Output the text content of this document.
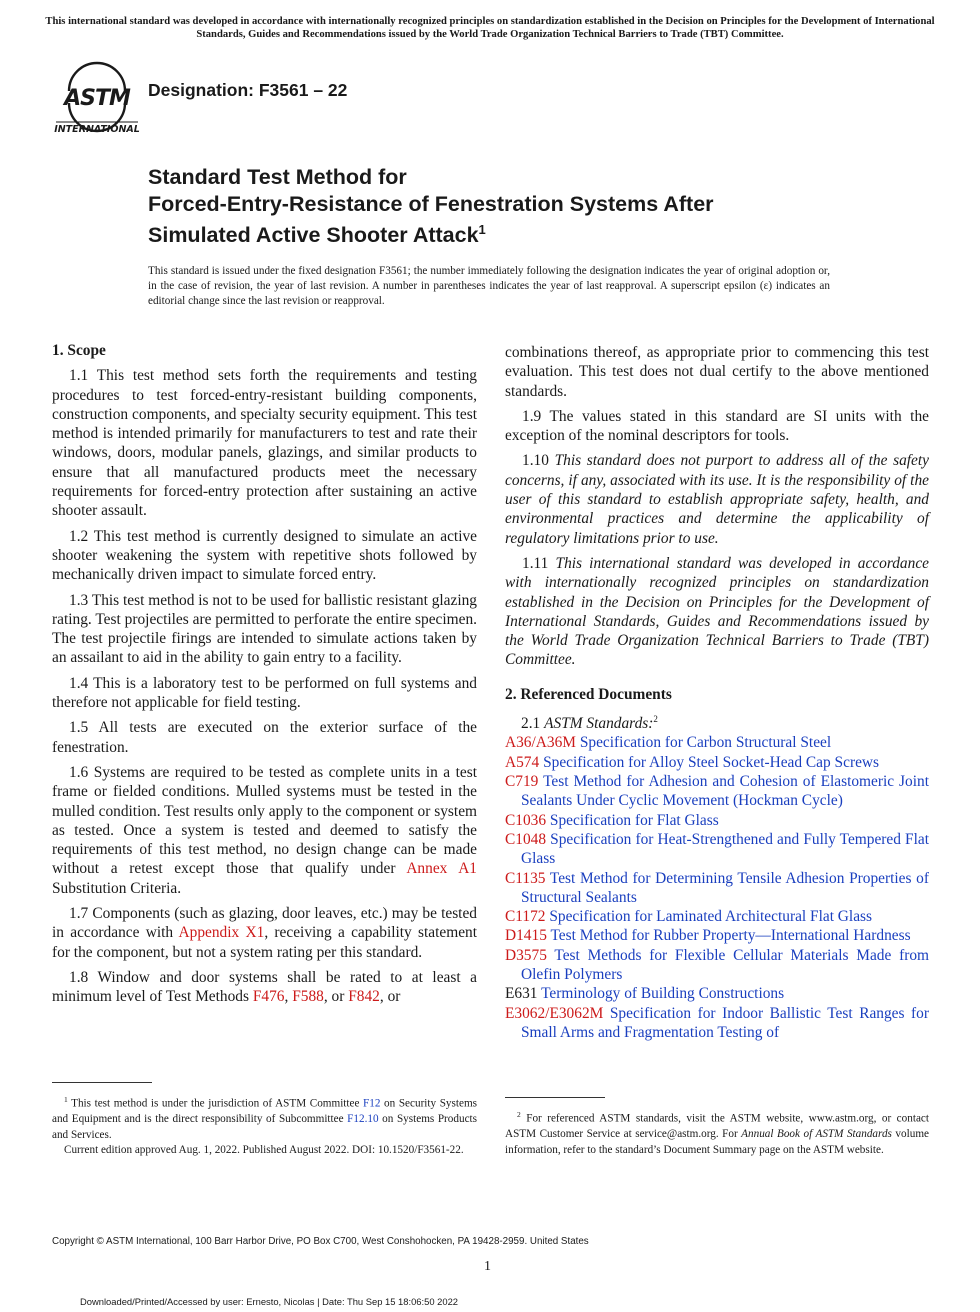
This international standard was developed in accordance with internationally recognized principles on standardization established in the Decision on Principles for the Development of International Standards, Guides and Recommendations issued by the World Trade Organization Technical Barriers to Trade (TBT) Committee.
ASTM
INTERNATIONAL
Designation: F3561 – 22
Standard Test Method for
Forced-Entry-Resistance of Fenestration Systems After
Simulated Active Shooter Attack$^1$
This standard is issued under the fixed designation F3561; the number immediately following the designation indicates the year of original adoption or, in the case of revision, the year of last revision. A number in parentheses indicates the year of last reapproval. A superscript epsilon (ε) indicates an editorial change since the last revision or reapproval.
1. Scope

1.1 This test method sets forth the requirements and testing procedures to test forced-entry-resistant building components, construction components, and specialty security equipment. This test method is intended primarily for manufacturers to test and rate their windows, doors, modular panels, glazings, and similar products to ensure that all manufactured products meet the necessary requirements for forced-entry protection after sustaining an active shooter assault.

1.2 This test method is currently designed to simulate an active shooter weakening the system with repetitive shots followed by mechanically driven impact to simulate forced entry.

1.3 This test method is not to be used for ballistic resistant glazing rating. Test projectiles are permitted to perforate the entire specimen. The test projectile firings are intended to simulate actions taken by an assailant to aid in the ability to gain entry to a facility.

1.4 This is a laboratory test to be performed on full systems and therefore not applicable for field testing.

1.5 All tests are executed on the exterior surface of the fenestration.

1.6 Systems are required to be tested as complete units in a test frame or fielded conditions. Mulled systems must be tested in the mulled condition. Test results only apply to the component or system as tested. Once a system is tested and deemed to satisfy the requirements of this test method, no design change can be made without a retest except those that qualify under Annex A1 Substitution Criteria.

1.7 Components (such as glazing, door leaves, etc.) may be tested in accordance with Appendix X1, receiving a capability statement for the component, but not a system rating per this standard.

1.8 Window and door systems shall be rated to at least a minimum level of Test Methods F476, F588, or F842, or

combinations thereof, as appropriate prior to commencing this test evaluation. This test does not dual certify to the above mentioned standards.

1.9 The values stated in this standard are SI units with the exception of the nominal descriptors for tools.

1.10 This standard does not purport to address all of the safety concerns, if any, associated with its use. It is the responsibility of the user of this standard to establish appropriate safety, health, and environmental practices and determine the applicability of regulatory limitations prior to use.

1.11 This international standard was developed in accordance with internationally recognized principles on standardization established in the Decision on Principles for the Development of International Standards, Guides and Recommendations issued by the World Trade Organization Technical Barriers to Trade (TBT) Committee.

2. Referenced Documents
2.1 ASTM Standards:$^2$
A36/A36M Specification for Carbon Structural Steel
A574 Specification for Alloy Steel Socket-Head Cap Screws
C719 Test Method for Adhesion and Cohesion of Elastomeric Joint Sealants Under Cyclic Movement (Hockman Cycle)
C1036 Specification for Flat Glass
C1048 Specification for Heat-Strengthened and Fully Tempered Flat Glass
C1135 Test Method for Determining Tensile Adhesion Properties of Structural Sealants
C1172 Specification for Laminated Architectural Flat Glass
D1415 Test Method for Rubber Property—International Hardness
D3575 Test Methods for Flexible Cellular Materials Made from Olefin Polymers
E631 Terminology of Building Constructions
E3062/E3062M Specification for Indoor Ballistic Test Ranges for Small Arms and Fragmentation Testing of

$^1$ This test method is under the jurisdiction of ASTM Committee F12 on Security Systems and Equipment and is the direct responsibility of Subcommittee F12.10 on Systems Products and Services.

Current edition approved Aug. 1, 2022. Published August 2022. DOI: 10.1520/F3561-22.

$^2$ For referenced ASTM standards, visit the ASTM website, www.astm.org, or contact ASTM Customer Service at service@astm.org. For Annual Book of ASTM Standards volume information, refer to the standard’s Document Summary page on the ASTM website.

Copyright © ASTM International, 100 Barr Harbor Drive, PO Box C700, West Conshohocken, PA 19428-2959. United States
1
Downloaded/Printed/Accessed by user: Ernesto, Nicolas | Date: Thu Sep 15 18:06:50 2022
